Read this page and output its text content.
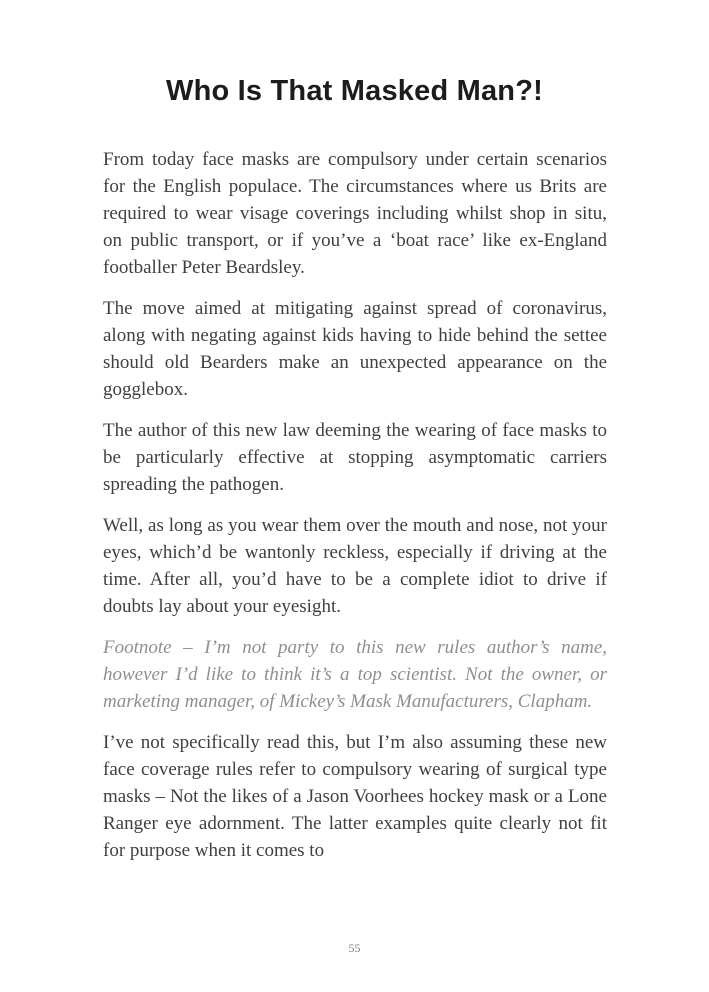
Who Is That Masked Man?!

From today face masks are compulsory under certain scenarios for the English populace. The circumstances where us Brits are required to wear visage coverings including whilst shop in situ, on public transport, or if you’ve a ‘boat race’ like ex-England footballer Peter Beardsley.

The move aimed at mitigating against spread of coronavirus, along with negating against kids having to hide behind the settee should old Bearders make an unexpected appearance on the gogglebox.

The author of this new law deeming the wearing of face masks to be particularly effective at stopping asymptomatic carriers spreading the pathogen.

Well, as long as you wear them over the mouth and nose, not your eyes, which’d be wantonly reckless, especially if driving at the time. After all, you’d have to be a complete idiot to drive if doubts lay about your eyesight.

Footnote – I’m not party to this new rules author’s name, however I’d like to think it’s a top scientist. Not the owner, or marketing manager, of Mickey’s Mask Manufacturers, Clapham.

I’ve not specifically read this, but I’m also assuming these new face coverage rules refer to compulsory wearing of surgical type masks – Not the likes of a Jason Voorhees hockey mask or a Lone Ranger eye adornment. The latter examples quite clearly not fit for purpose when it comes to

55
